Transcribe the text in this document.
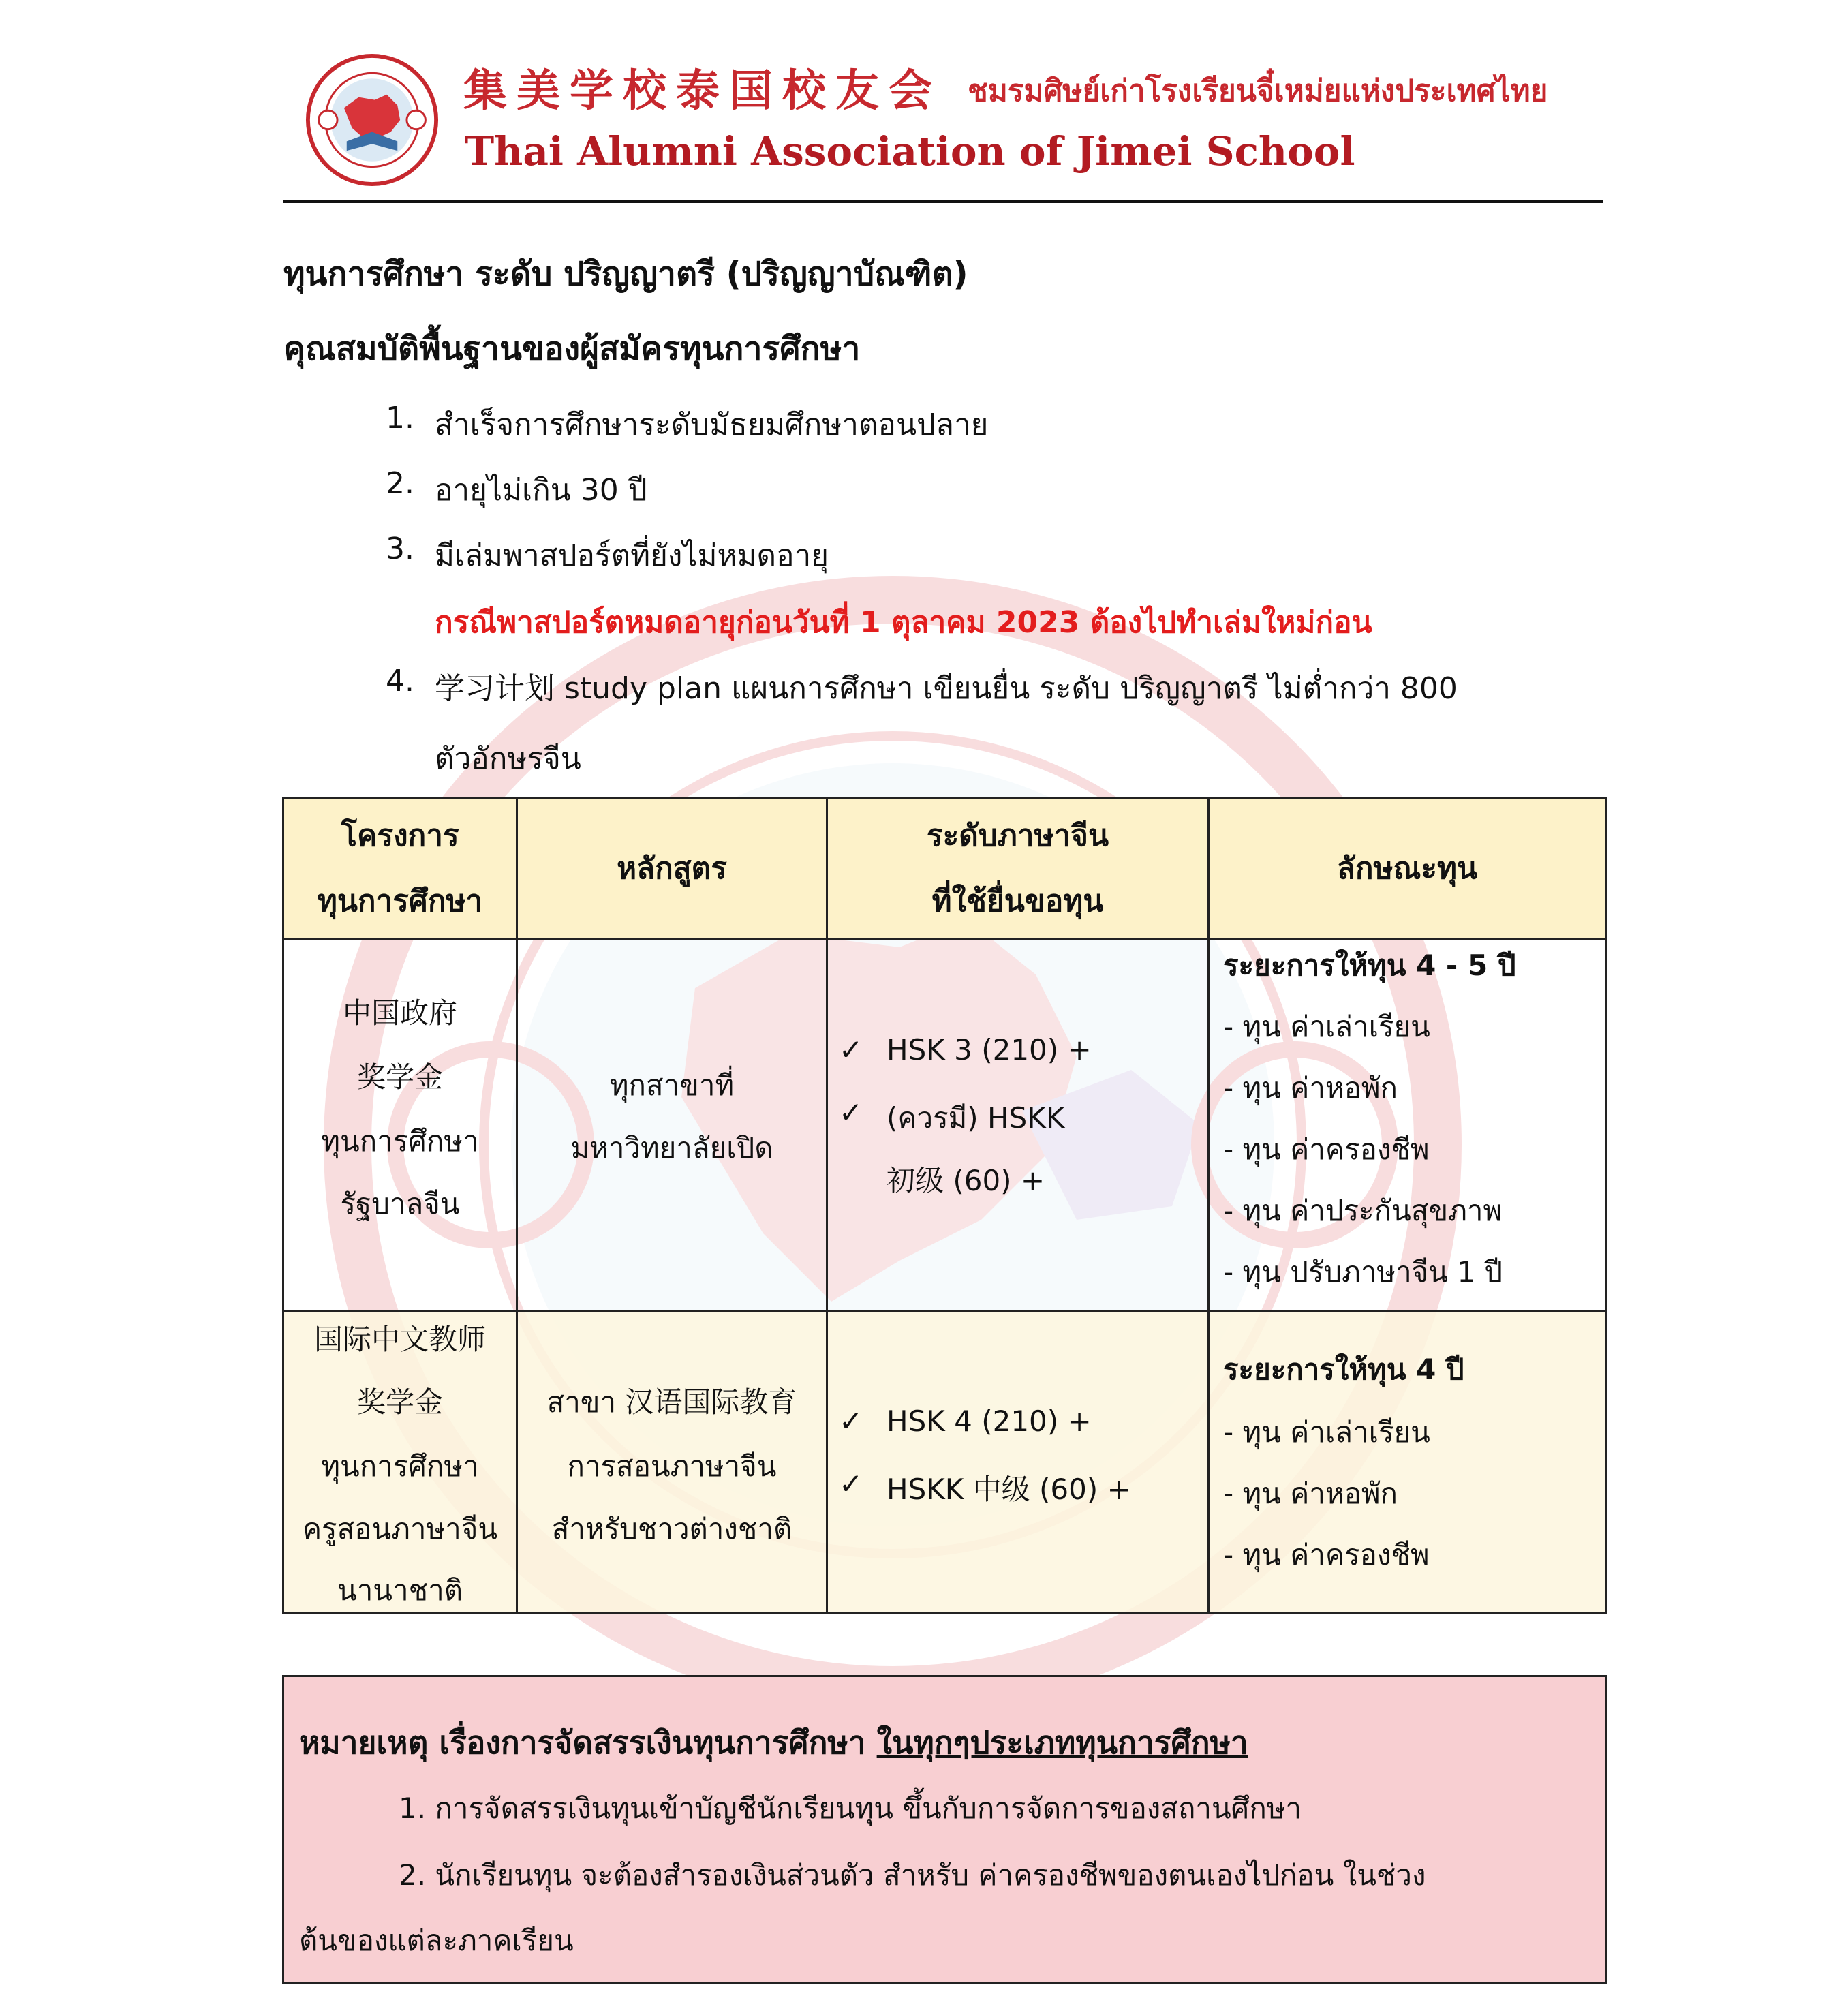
集美学校泰国校友会 ชมรมศิษย์เก่าโรงเรียนจี๋เหม่ยแห่งประเทศไทย
Thai Alumni Association of Jimei School
ทุนการศึกษา ระดับ ปริญญาตรี (ปริญญาบัณฑิต)
คุณสมบัติพื้นฐานของผู้สมัครทุนการศึกษา
1. สำเร็จการศึกษาระดับมัธยมศึกษาตอนปลาย
2. อายุไม่เกิน 30 ปี
3. มีเล่มพาสปอร์ตที่ยังไม่หมดอายุ
กรณีพาสปอร์ตหมดอายุก่อนวันที่ 1 ตุลาคม 2023 ต้องไปทำเล่มใหม่ก่อน
4. 学习计划 study plan แผนการศึกษา เขียนยื่น ระดับ ปริญญาตรี ไม่ต่ำกว่า 800
ตัวอักษรจีน
โครงการ
ทุนการศึกษา
หลักสูตร
ระดับภาษาจีน
ที่ใช้ยื่นขอทุน
ลักษณะทุน
中国政府
奖学金
ทุนการศึกษา
รัฐบาลจีน
ทุกสาขาที่
มหาวิทยาลัยเปิด
✓ HSK 3 (210) +
✓ (ควรมี) HSKK
初级 (60) +
ระยะการให้ทุน 4 - 5 ปี
- ทุน ค่าเล่าเรียน
- ทุน ค่าหอพัก
- ทุน ค่าครองชีพ
- ทุน ค่าประกันสุขภาพ
- ทุน ปรับภาษาจีน 1 ปี
国际中文教师
奖学金
ทุนการศึกษา
ครูสอนภาษาจีน
นานาชาติ
สาขา 汉语国际教育
การสอนภาษาจีน
สำหรับชาวต่างชาติ
✓ HSK 4 (210) +
✓ HSKK 中级 (60) +
ระยะการให้ทุน 4 ปี
- ทุน ค่าเล่าเรียน
- ทุน ค่าหอพัก
- ทุน ค่าครองชีพ
หมายเหตุ เรื่องการจัดสรรเงินทุนการศึกษา ในทุกๆประเภททุนการศึกษา
1. การจัดสรรเงินทุนเข้าบัญชีนักเรียนทุน ขึ้นกับการจัดการของสถานศึกษา
2. นักเรียนทุน จะต้องสำรองเงินส่วนตัว สำหรับ ค่าครองชีพของตนเองไปก่อน ในช่วง
ต้นของแต่ละภาคเรียน
